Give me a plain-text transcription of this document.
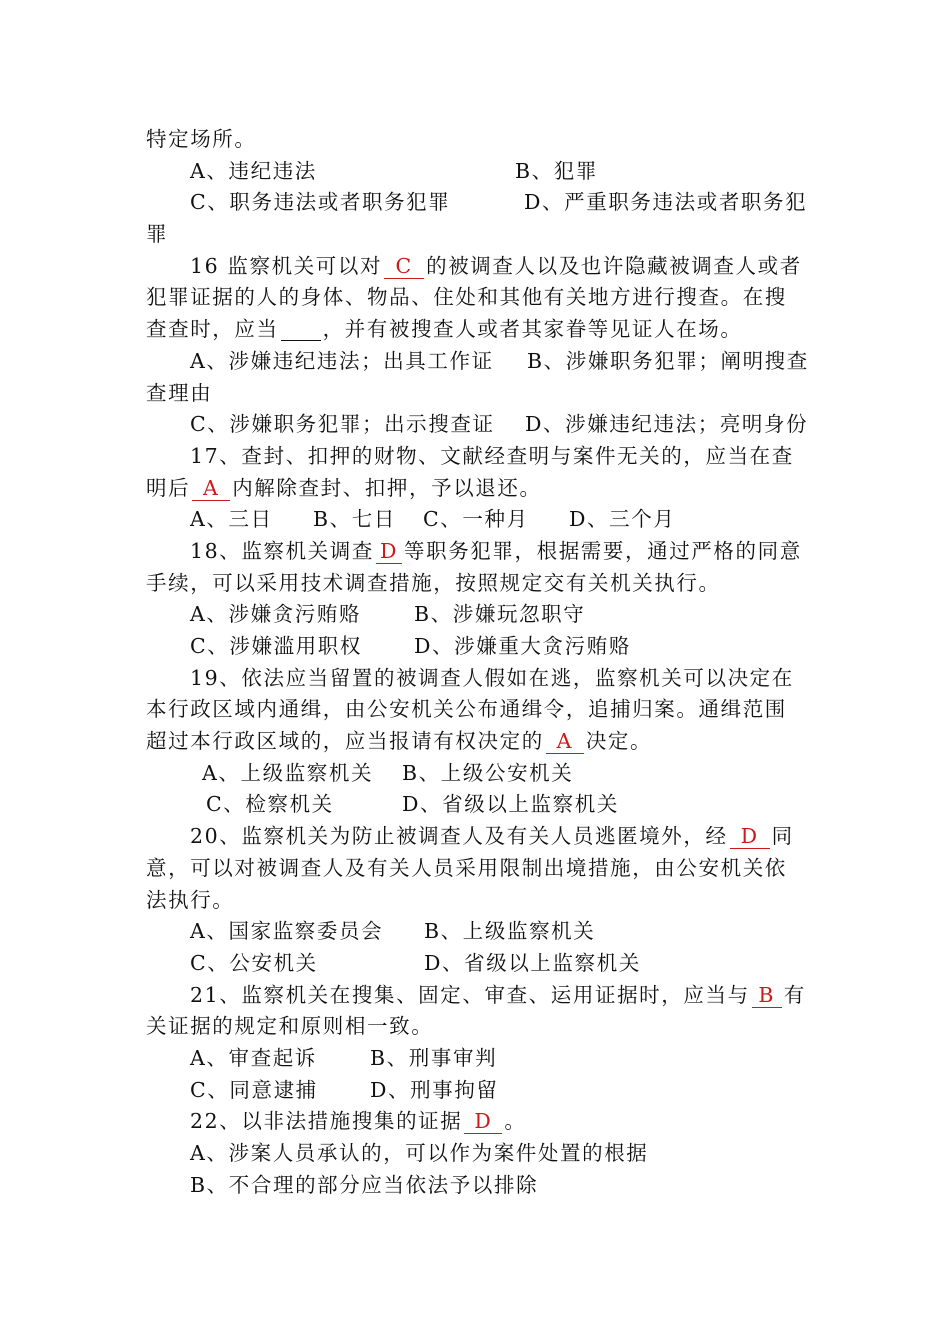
特定场所。
A、违纪违法	B、犯罪
C、职务违法或者职务犯罪	D、严重职务违法或者职务犯
罪
16 监察机关可以对 C 的被调查人以及也许隐藏被调查人或者
犯罪证据的人的身体、物品、住处和其他有关地方进行搜查。在搜
查查时，应当 ，并有被搜查人或者其家眷等见证人在场。
A、涉嫌违纪违法；出具工作证 B、涉嫌职务犯罪；阐明搜查
查理由
C、涉嫌职务犯罪；出示搜查证 D、涉嫌违纪违法；亮明身份
17、查封、扣押的财物、文献经查明与案件无关的，应当在查
明后 A 内解除查封、扣押，予以退还。
A、三日 B、七日 C、一种月 D、三个月
18、监察机关调查 D 等职务犯罪，根据需要，通过严格的同意
手续，可以采用技术调查措施，按照规定交有关机关执行。
A、涉嫌贪污贿赂	B、涉嫌玩忽职守
C、涉嫌滥用职权	D、涉嫌重大贪污贿赂
19、依法应当留置的被调查人假如在逃，监察机关可以决定在
本行政区域内通缉，由公安机关公布通缉令，追捕归案。通缉范围
超过本行政区域的，应当报请有权决定的 A 决定。
A、上级监察机关 B、上级公安机关
C、检察机关	D、省级以上监察机关
20、监察机关为防止被调查人及有关人员逃匿境外，经 D 同
意，可以对被调查人及有关人员采用限制出境措施，由公安机关依
法执行。
A、国家监察委员会 B、上级监察机关
C、公安机关	D、省级以上监察机关
21、监察机关在搜集、固定、审查、运用证据时，应当与 B 有
关证据的规定和原则相一致。
A、审查起诉	B、刑事审判
C、同意逮捕	D、刑事拘留
22、以非法措施搜集的证据 D 。
A、涉案人员承认的，可以作为案件处置的根据
B、不合理的部分应当依法予以排除
